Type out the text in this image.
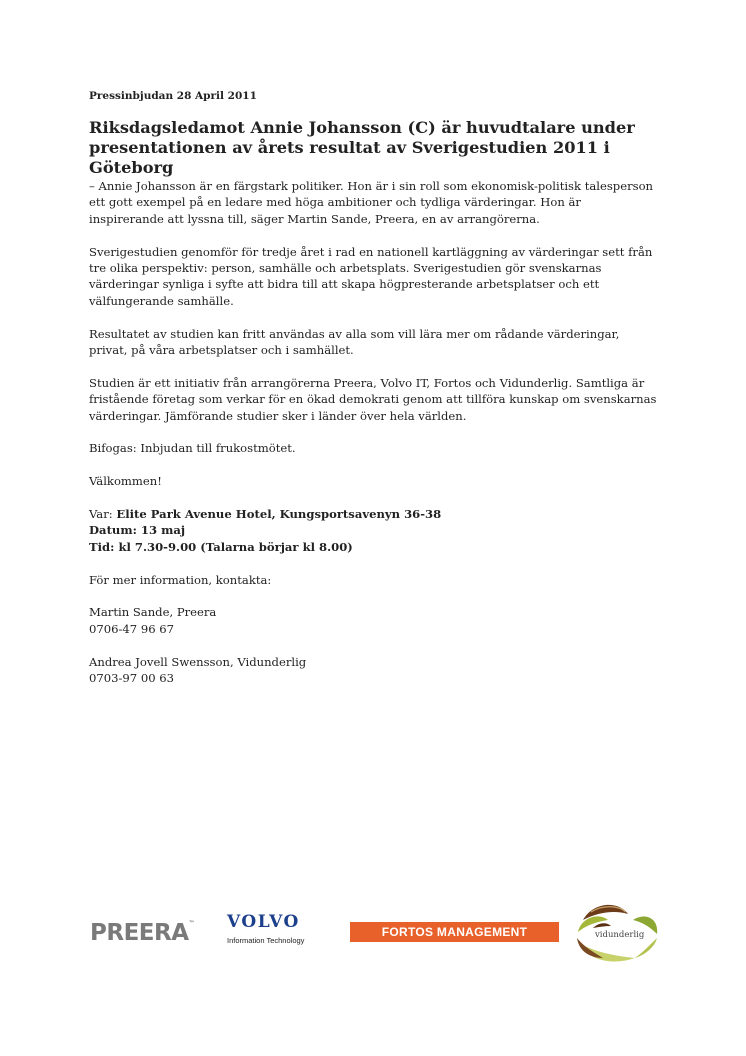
Pressinbjudan 28 April 2011
Riksdagsledamot Annie Johansson (C) är huvudtalare under presentationen av årets resultat av Sverigestudien 2011 i Göteborg

– Annie Johansson är en färgstark politiker. Hon är i sin roll som ekonomisk-politisk talesperson ett gott exempel på en ledare med höga ambitioner och tydliga värderingar. Hon är inspirerande att lyssna till, säger Martin Sande, Preera, en av arrangörerna.

Sverigestudien genomför för tredje året i rad en nationell kartläggning av värderingar sett från tre olika perspektiv: person, samhälle och arbetsplats. Sverigestudien gör svenskarnas värderingar synliga i syfte att bidra till att skapa högpresterande arbetsplatser och ett välfungerande samhälle.

Resultatet av studien kan fritt användas av alla som vill lära mer om rådande värderingar, privat, på våra arbetsplatser och i samhället.

Studien är ett initiativ från arrangörerna Preera, Volvo IT, Fortos och Vidunderlig. Samtliga är fristående företag som verkar för en ökad demokrati genom att tillföra kunskap om svenskarnas värderingar. Jämförande studier sker i länder över hela världen.

Bifogas: Inbjudan till frukostmötet.

Välkommen!

Var: Elite Park Avenue Hotel, Kungsportsavenyn 36-38
Datum: 13 maj
Tid: kl 7.30-9.00 (Talarna börjar kl 8.00)

För mer information, kontakta:

Martin Sande, Preera
0706-47 96 67

Andrea Jovell Swensson, Vidunderlig
0703-97 00 63

PREERA™ VOLVO
Information Technology
FORTOS MANAGEMENT CONSULTING
vidunderlig
